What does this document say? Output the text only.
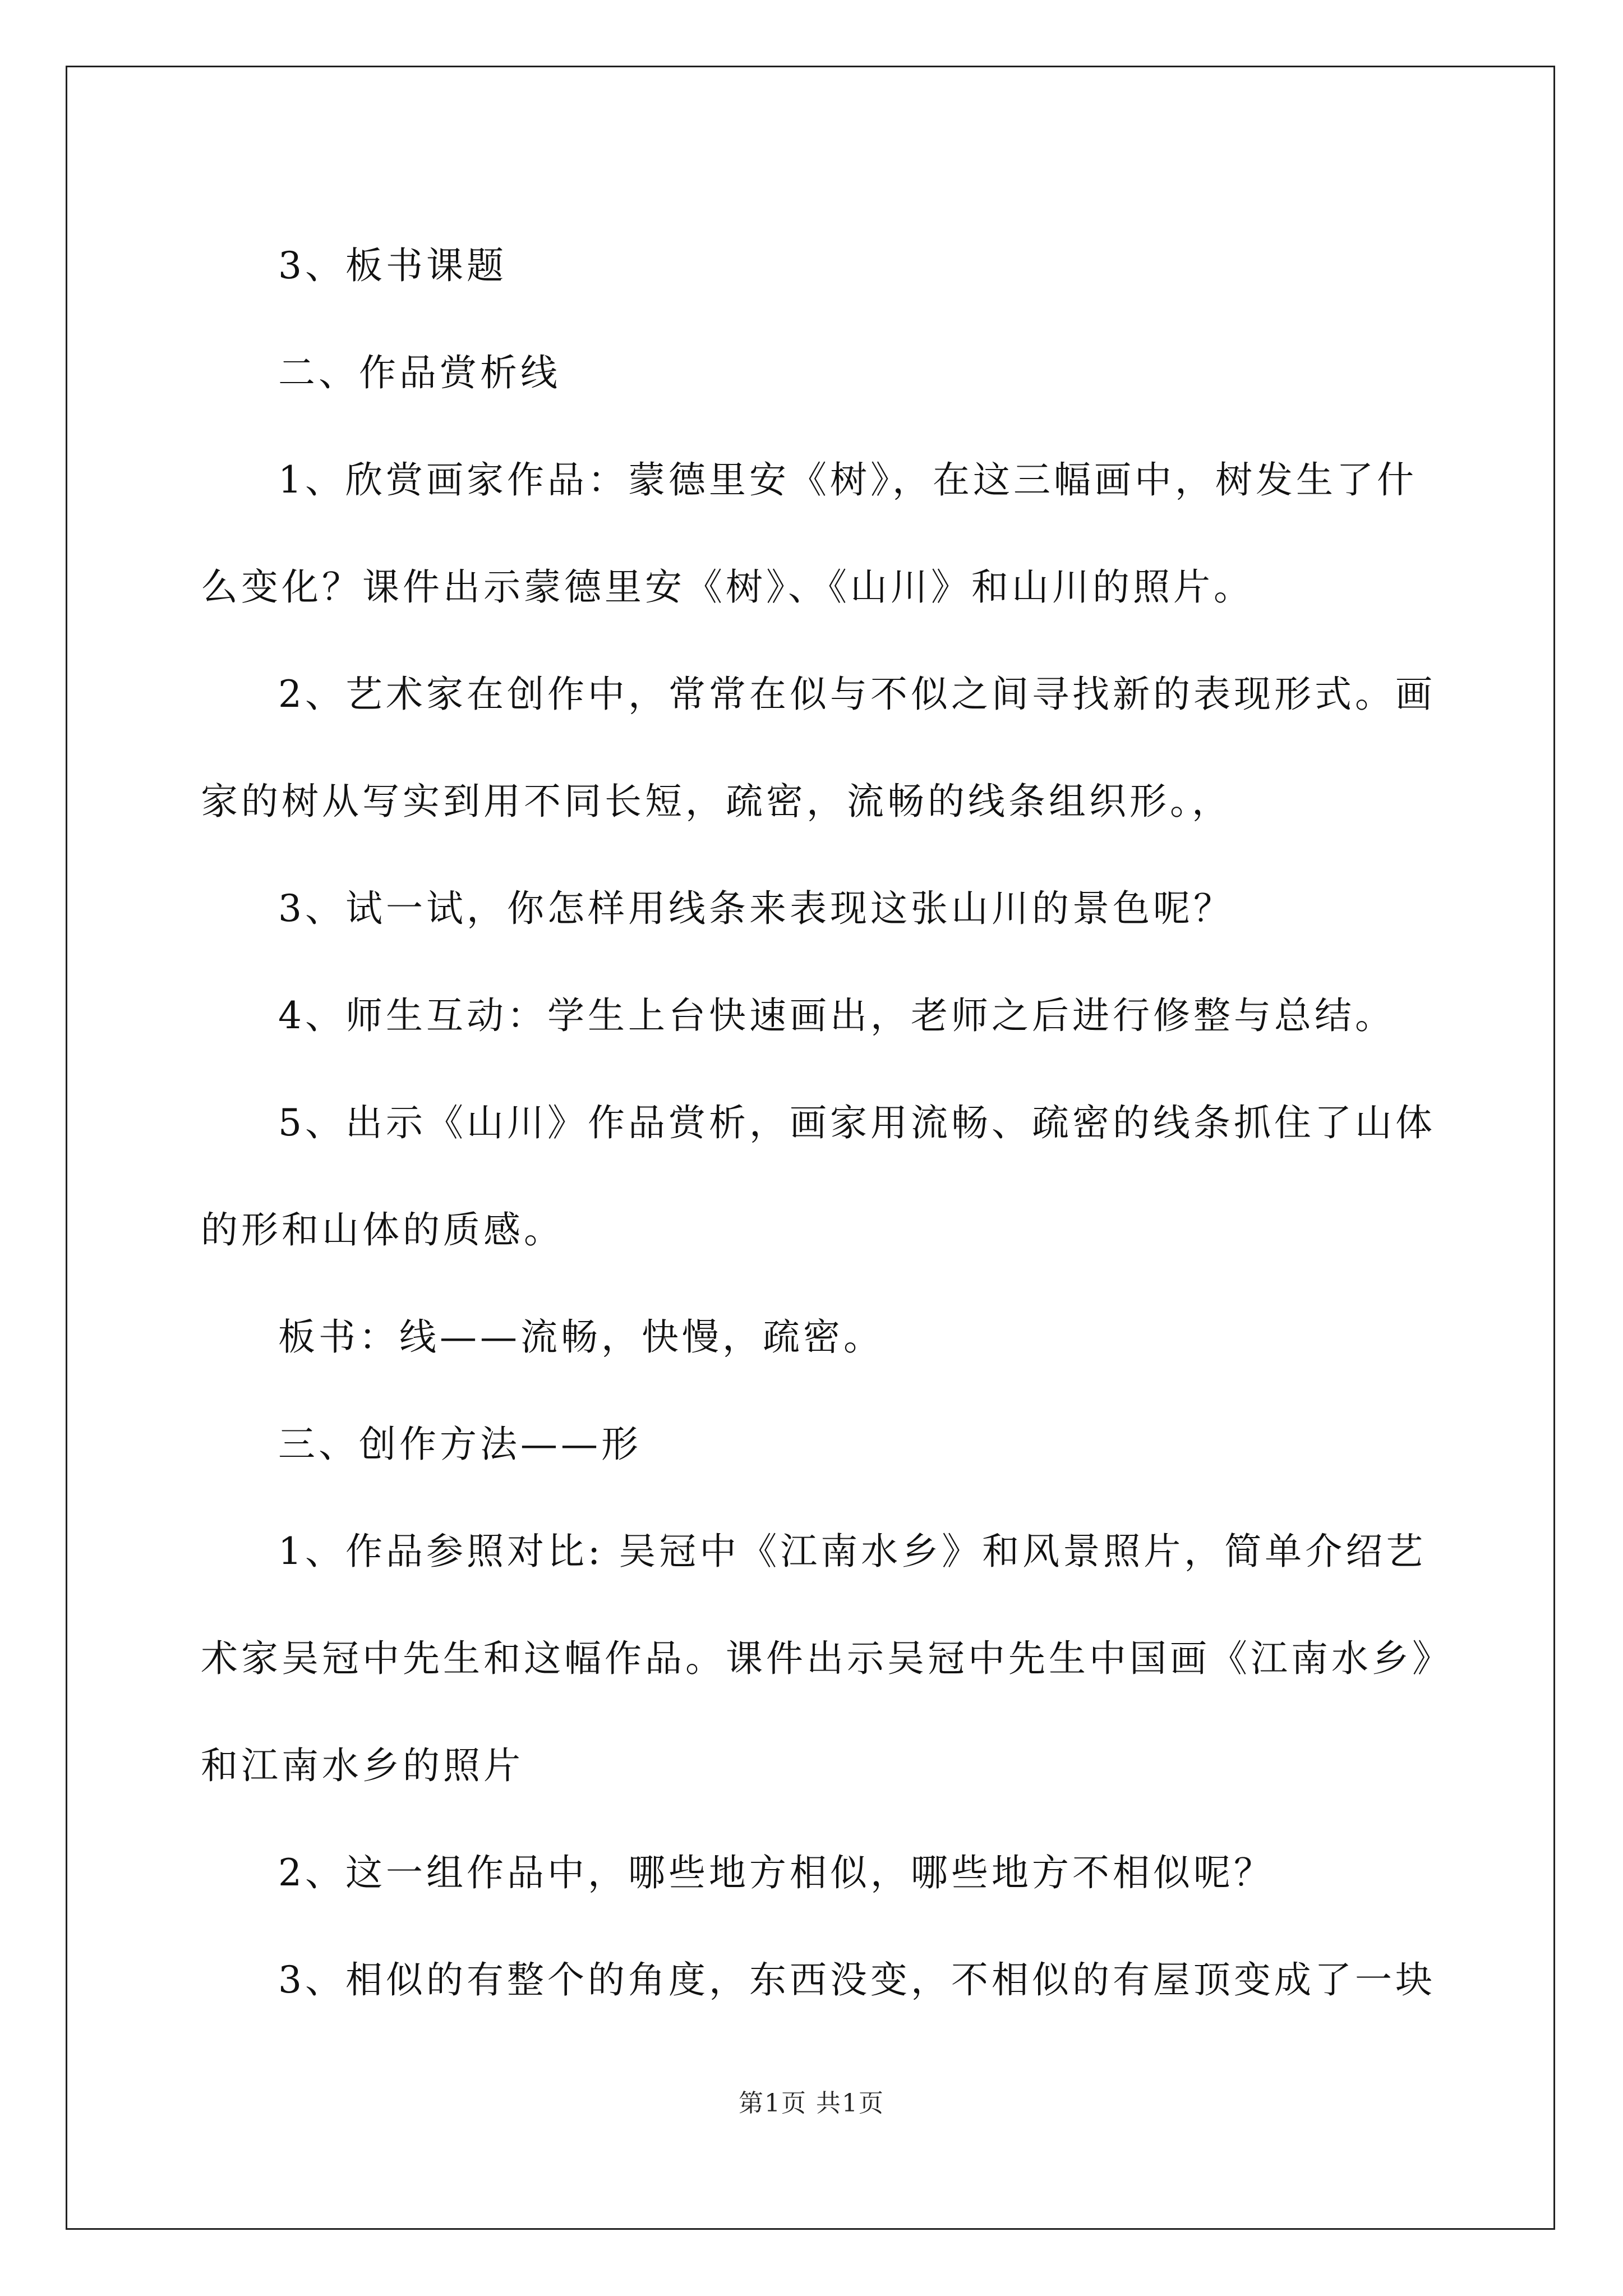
3、板书课题

二、作品赏析线

1、欣赏画家作品：蒙德里安《树》，在这三幅画中，树发生了什

么变化？课件出示蒙德里安《树》、《山川》和山川的照片。

2、艺术家在创作中，常常在似与不似之间寻找新的表现形式。画

家的树从写实到用不同长短，疏密，流畅的线条组织形。，

3、试一试，你怎样用线条来表现这张山川的景色呢？

4、师生互动：学生上台快速画出，老师之后进行修整与总结。

5、出示《山川》作品赏析，画家用流畅、疏密的线条抓住了山体

的形和山体的质感。

板书：线——流畅，快慢，疏密。

三、创作方法——形

1、作品参照对比: 吴冠中《江南水乡》和风景照片，简单介绍艺

术家吴冠中先生和这幅作品。课件出示吴冠中先生中国画《江南水乡》

和江南水乡的照片

2、这一组作品中，哪些地方相似，哪些地方不相似呢？

3、相似的有整个的角度，东西没变，不相似的有屋顶变成了一块

第1页 共1页
